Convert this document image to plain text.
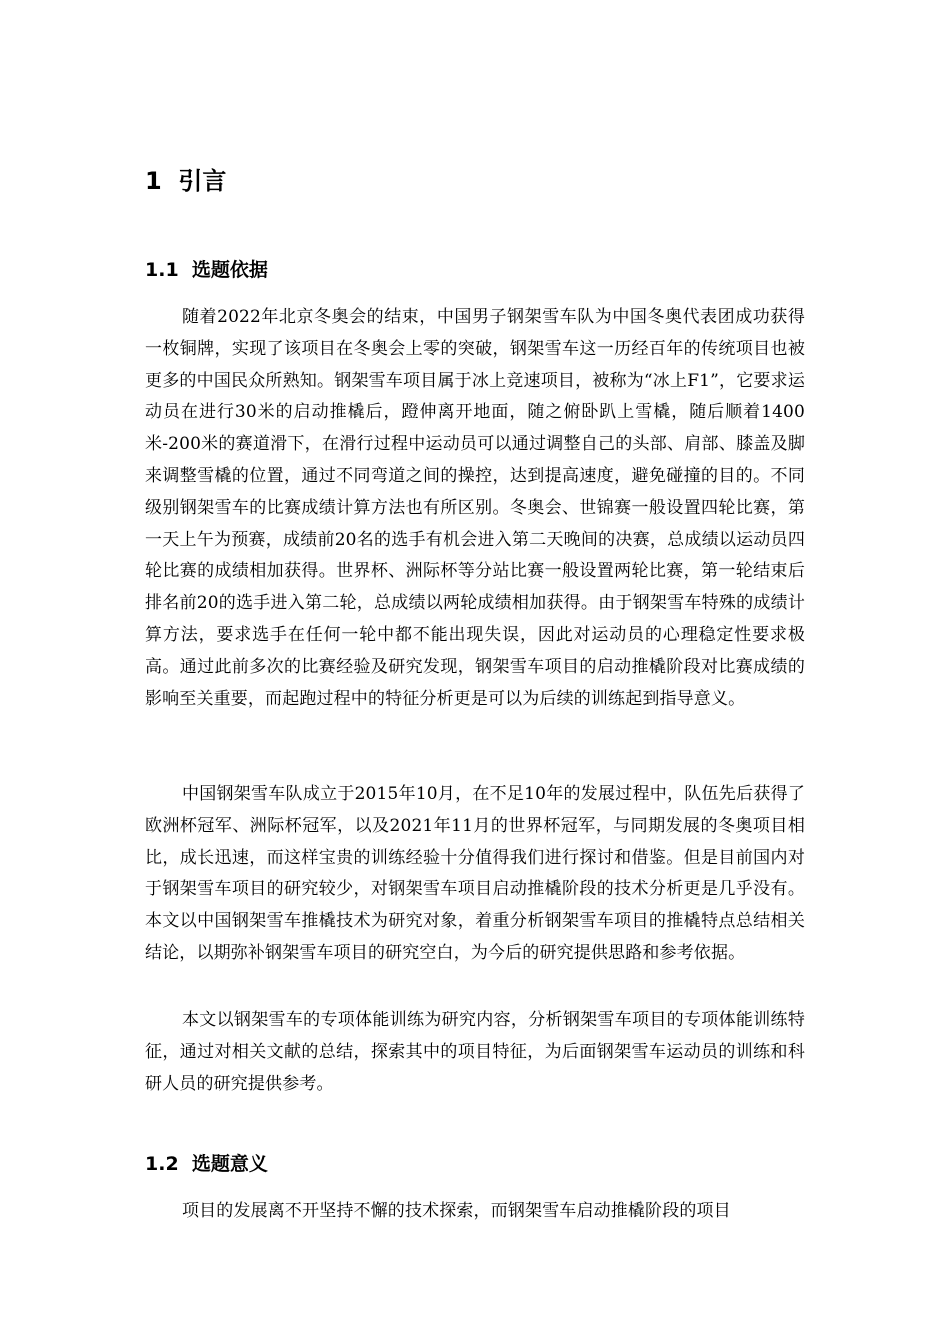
1 引言
1.1 选题依据

随着2022年北京冬奥会的结束，中国男子钢架雪车队为中国冬奥代表团成功获得一枚铜牌，实现了该项目在冬奥会上零的突破，钢架雪车这一历经百年的传统项目也被更多的中国民众所熟知。钢架雪车项目属于冰上竞速项目，被称为“冰上F1”，它要求运动员在进行30米的启动推橇后，蹬伸离开地面，随之俯卧趴上雪橇，随后顺着1400米-200米的赛道滑下，在滑行过程中运动员可以通过调整自己的头部、肩部、膝盖及脚来调整雪橇的位置，通过不同弯道之间的操控，达到提高速度，避免碰撞的目的。不同级别钢架雪车的比赛成绩计算方法也有所区别。冬奥会、世锦赛一般设置四轮比赛，第一天上午为预赛，成绩前20名的选手有机会进入第二天晚间的决赛，总成绩以运动员四轮比赛的成绩相加获得。世界杯、洲际杯等分站比赛一般设置两轮比赛，第一轮结束后排名前20的选手进入第二轮，总成绩以两轮成绩相加获得。由于钢架雪车特殊的成绩计算方法，要求选手在任何一轮中都不能出现失误，因此对运动员的心理稳定性要求极高。通过此前多次的比赛经验及研究发现，钢架雪车项目的启动推橇阶段对比赛成绩的影响至关重要，而起跑过程中的特征分析更是可以为后续的训练起到指导意义。

中国钢架雪车队成立于2015年10月，在不足10年的发展过程中，队伍先后获得了欧洲杯冠军、洲际杯冠军，以及2021年11月的世界杯冠军，与同期发展的冬奥项目相比，成长迅速，而这样宝贵的训练经验十分值得我们进行探讨和借鉴。但是目前国内对于钢架雪车项目的研究较少，对钢架雪车项目启动推橇阶段的技术分析更是几乎没有。本文以中国钢架雪车推橇技术为研究对象，着重分析钢架雪车项目的推橇特点总结相关结论，以期弥补钢架雪车项目的研究空白，为今后的研究提供思路和参考依据。

本文以钢架雪车的专项体能训练为研究内容，分析钢架雪车项目的专项体能训练特征，通过对相关文献的总结，探索其中的项目特征，为后面钢架雪车运动员的训练和科研人员的研究提供参考。

1.2 选题意义

项目的发展离不开坚持不懈的技术探索，而钢架雪车启动推橇阶段的项目
